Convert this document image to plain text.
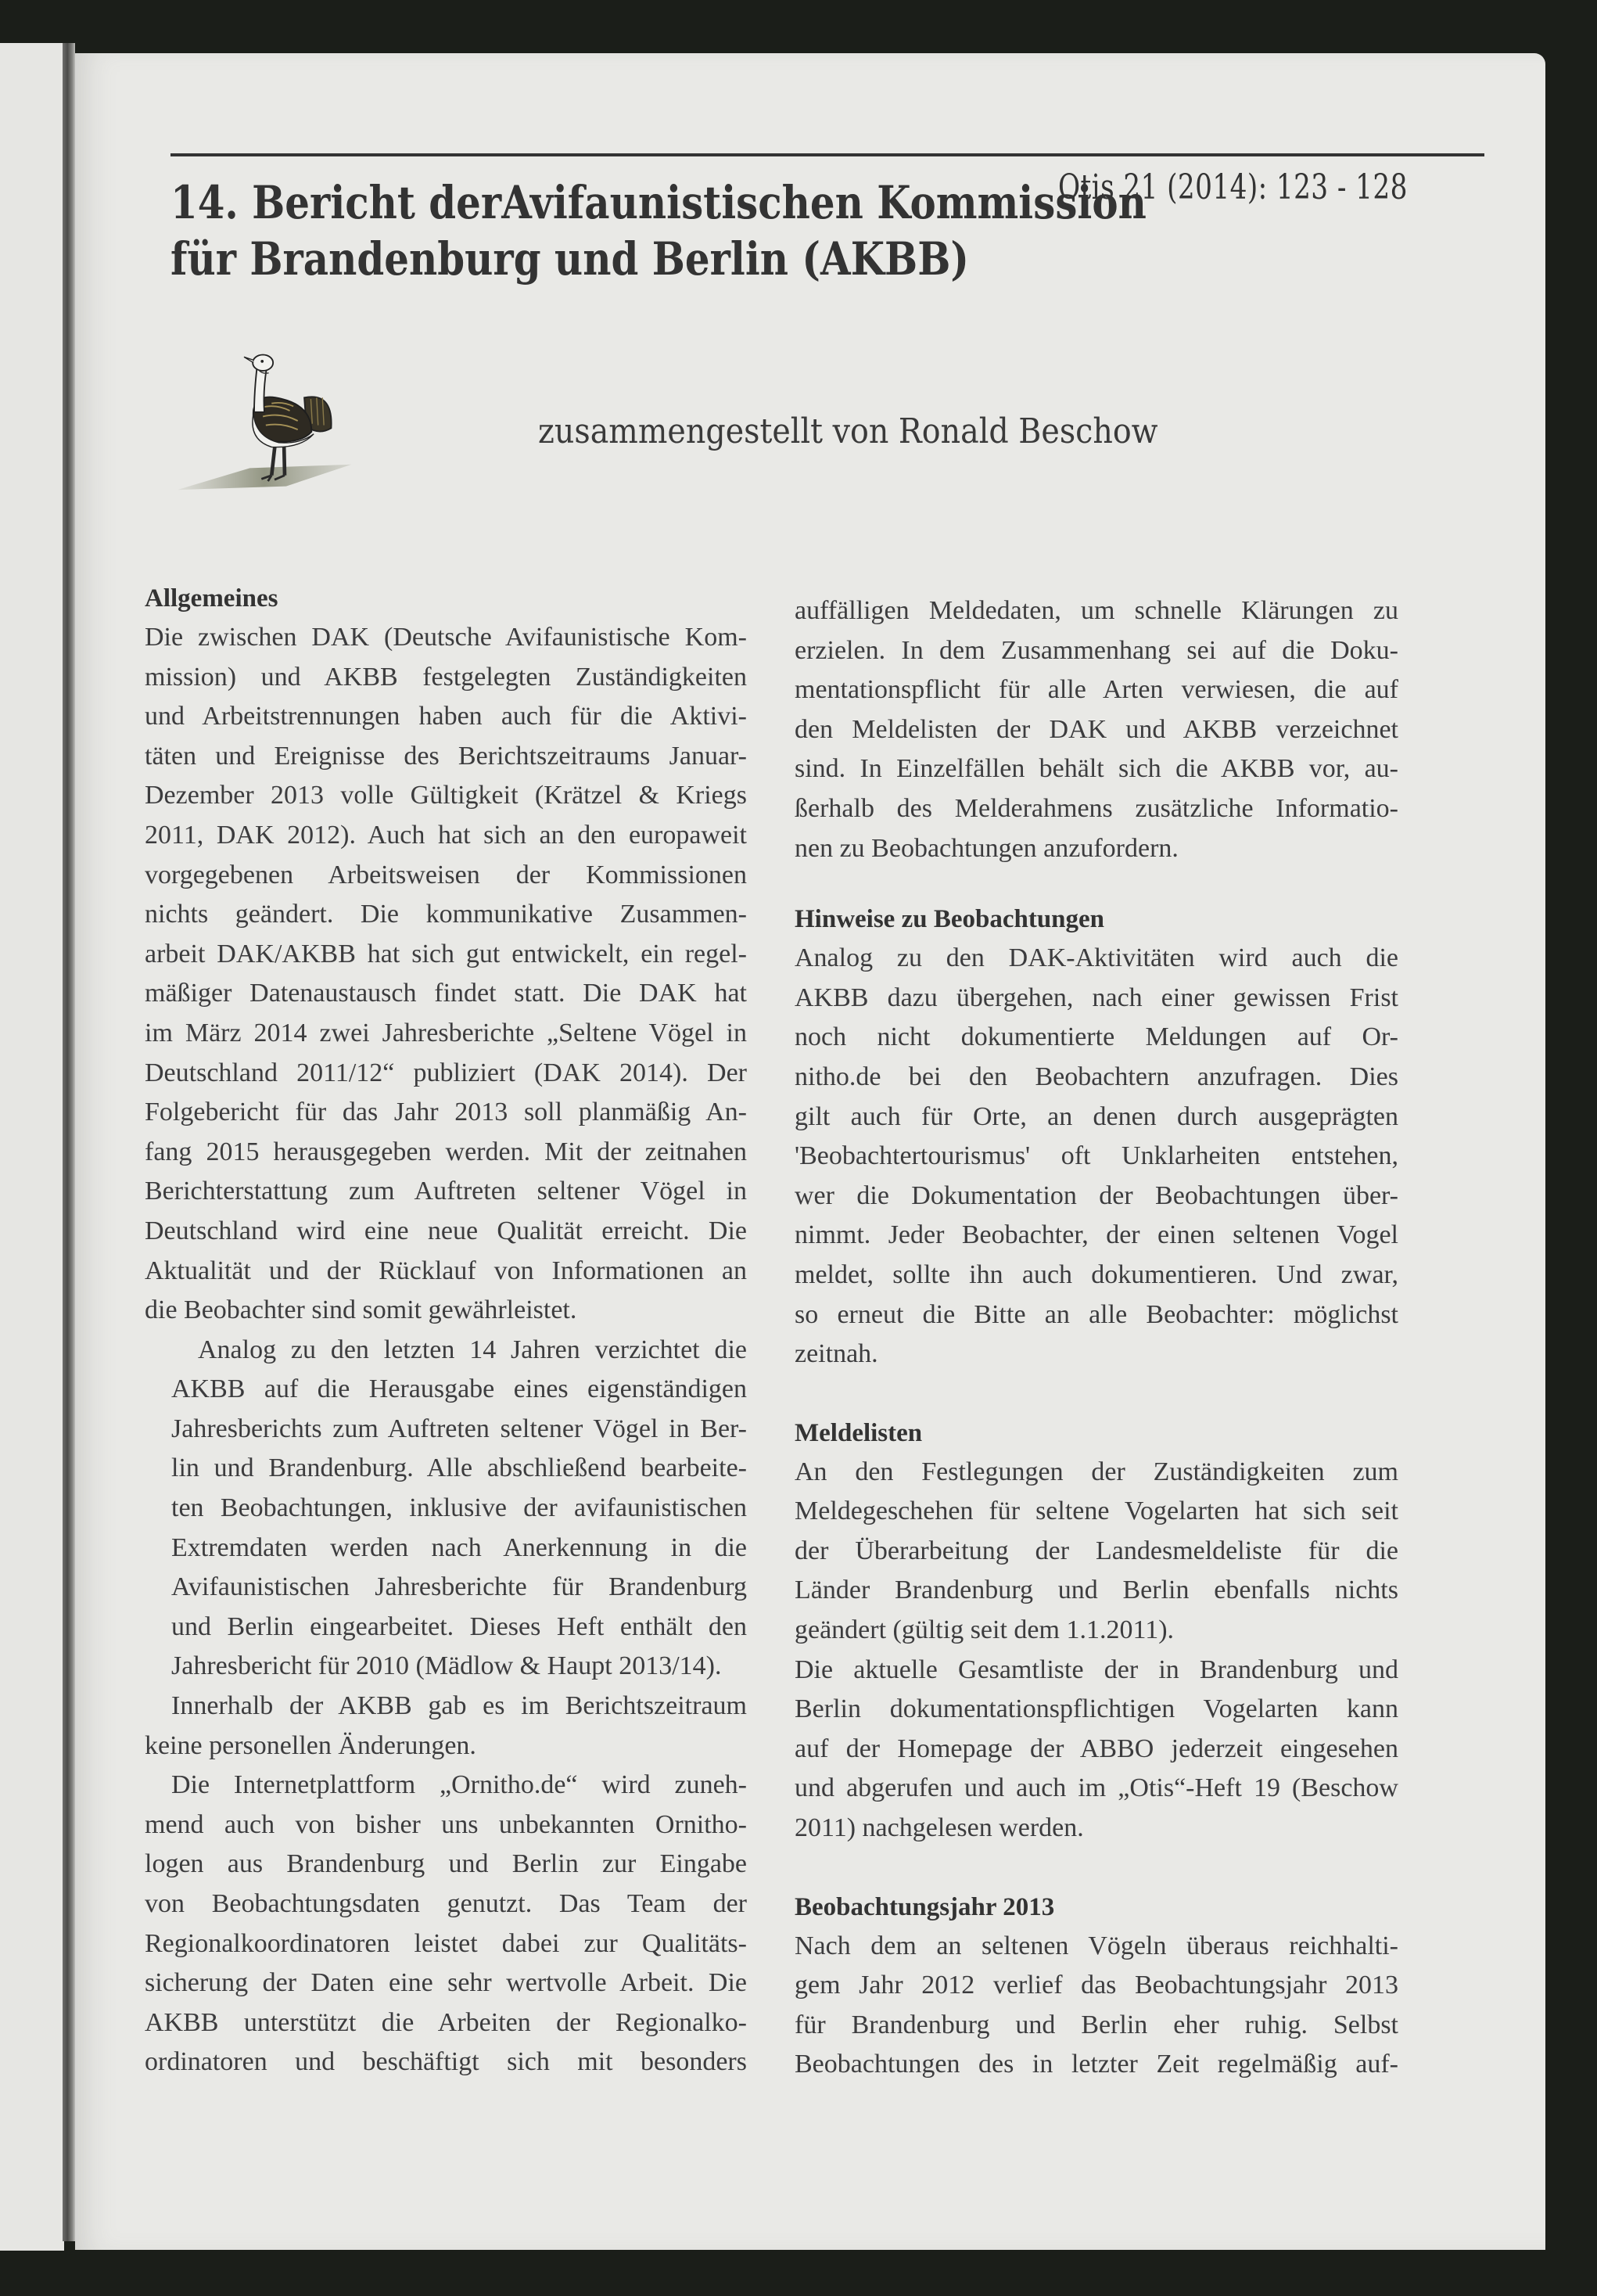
Otis 21 (2014): 123 - 128
14. Bericht derAvifaunistischen Kommission
für Brandenburg und Berlin (AKBB)
zusammengestellt von Ronald Beschow
Allgemeines

Die zwischen DAK (Deutsche Avifaunistische Kom-
mission) und AKBB festgelegten Zuständigkeiten
und Arbeitstrennungen haben auch für die Aktivi-
täten und Ereignisse des Berichtszeitraums Januar-
Dezember 2013 volle Gültigkeit (Krätzel & Kriegs
2011, DAK 2012). Auch hat sich an den europaweit
vorgegebenen Arbeitsweisen der Kommissionen
nichts geändert. Die kommunikative Zusammen-
arbeit DAK/AKBB hat sich gut entwickelt, ein regel-
mäßiger Datenaustausch findet statt. Die DAK hat
im März 2014 zwei Jahresberichte „Seltene Vögel in
Deutschland 2011/12“ publiziert (DAK 2014). Der
Folgebericht für das Jahr 2013 soll planmäßig An-
fang 2015 herausgegeben werden. Mit der zeitnahen
Berichterstattung zum Auftreten seltener Vögel in
Deutschland wird eine neue Qualität erreicht. Die
Aktualität und der Rücklauf von Informationen an
die Beobachter sind somit gewährleistet.

Analog zu den letzten 14 Jahren verzichtet die
AKBB auf die Herausgabe eines eigenständigen
Jahresberichts zum Auftreten seltener Vögel in Ber-
lin und Brandenburg. Alle abschließend bearbeite-
ten Beobachtungen, inklusive der avifaunistischen
Extremdaten werden nach Anerkennung in die
Avifaunistischen Jahresberichte für Brandenburg
und Berlin eingearbeitet. Dieses Heft enthält den
Jahresbericht für 2010 (Mädlow & Haupt 2013/14).

Innerhalb der AKBB gab es im Berichtszeitraum
keine personellen Änderungen.

Die Internetplattform „Ornitho.de“ wird zuneh-
mend auch von bisher uns unbekannten Ornitho-
logen aus Brandenburg und Berlin zur Eingabe
von Beobachtungsdaten genutzt. Das Team der
Regionalkoordinatoren leistet dabei zur Qualitäts-
sicherung der Daten eine sehr wertvolle Arbeit. Die
AKBB unterstützt die Arbeiten der Regionalko-
ordinatoren und beschäftigt sich mit besonders

auffälligen Meldedaten, um schnelle Klärungen zu
erzielen. In dem Zusammenhang sei auf die Doku-
mentationspflicht für alle Arten verwiesen, die auf
den Meldelisten der DAK und AKBB verzeichnet
sind. In Einzelfällen behält sich die AKBB vor, au-
ßerhalb des Melderahmens zusätzliche Informatio-
nen zu Beobachtungen anzufordern.

Hinweise zu Beobachtungen

Analog zu den DAK-Aktivitäten wird auch die
AKBB dazu übergehen, nach einer gewissen Frist
noch nicht dokumentierte Meldungen auf Or-
nitho.de bei den Beobachtern anzufragen. Dies
gilt auch für Orte, an denen durch ausgeprägten
'Beobachtertourismus' oft Unklarheiten entstehen,
wer die Dokumentation der Beobachtungen über-
nimmt. Jeder Beobachter, der einen seltenen Vogel
meldet, sollte ihn auch dokumentieren. Und zwar,
so erneut die Bitte an alle Beobachter: möglichst
zeitnah.

Meldelisten

An den Festlegungen der Zuständigkeiten zum
Meldegeschehen für seltene Vogelarten hat sich seit
der Überarbeitung der Landesmeldeliste für die
Länder Brandenburg und Berlin ebenfalls nichts
geändert (gültig seit dem 1.1.2011).

Die aktuelle Gesamtliste der in Brandenburg und
Berlin dokumentationspflichtigen Vogelarten kann
auf der Homepage der ABBO jederzeit eingesehen
und abgerufen und auch im „Otis“-Heft 19 (Beschow
2011) nachgelesen werden.

Beobachtungsjahr 2013

Nach dem an seltenen Vögeln überaus reichhalti-
gem Jahr 2012 verlief das Beobachtungsjahr 2013
für Brandenburg und Berlin eher ruhig. Selbst
Beobachtungen des in letzter Zeit regelmäßig auf-
